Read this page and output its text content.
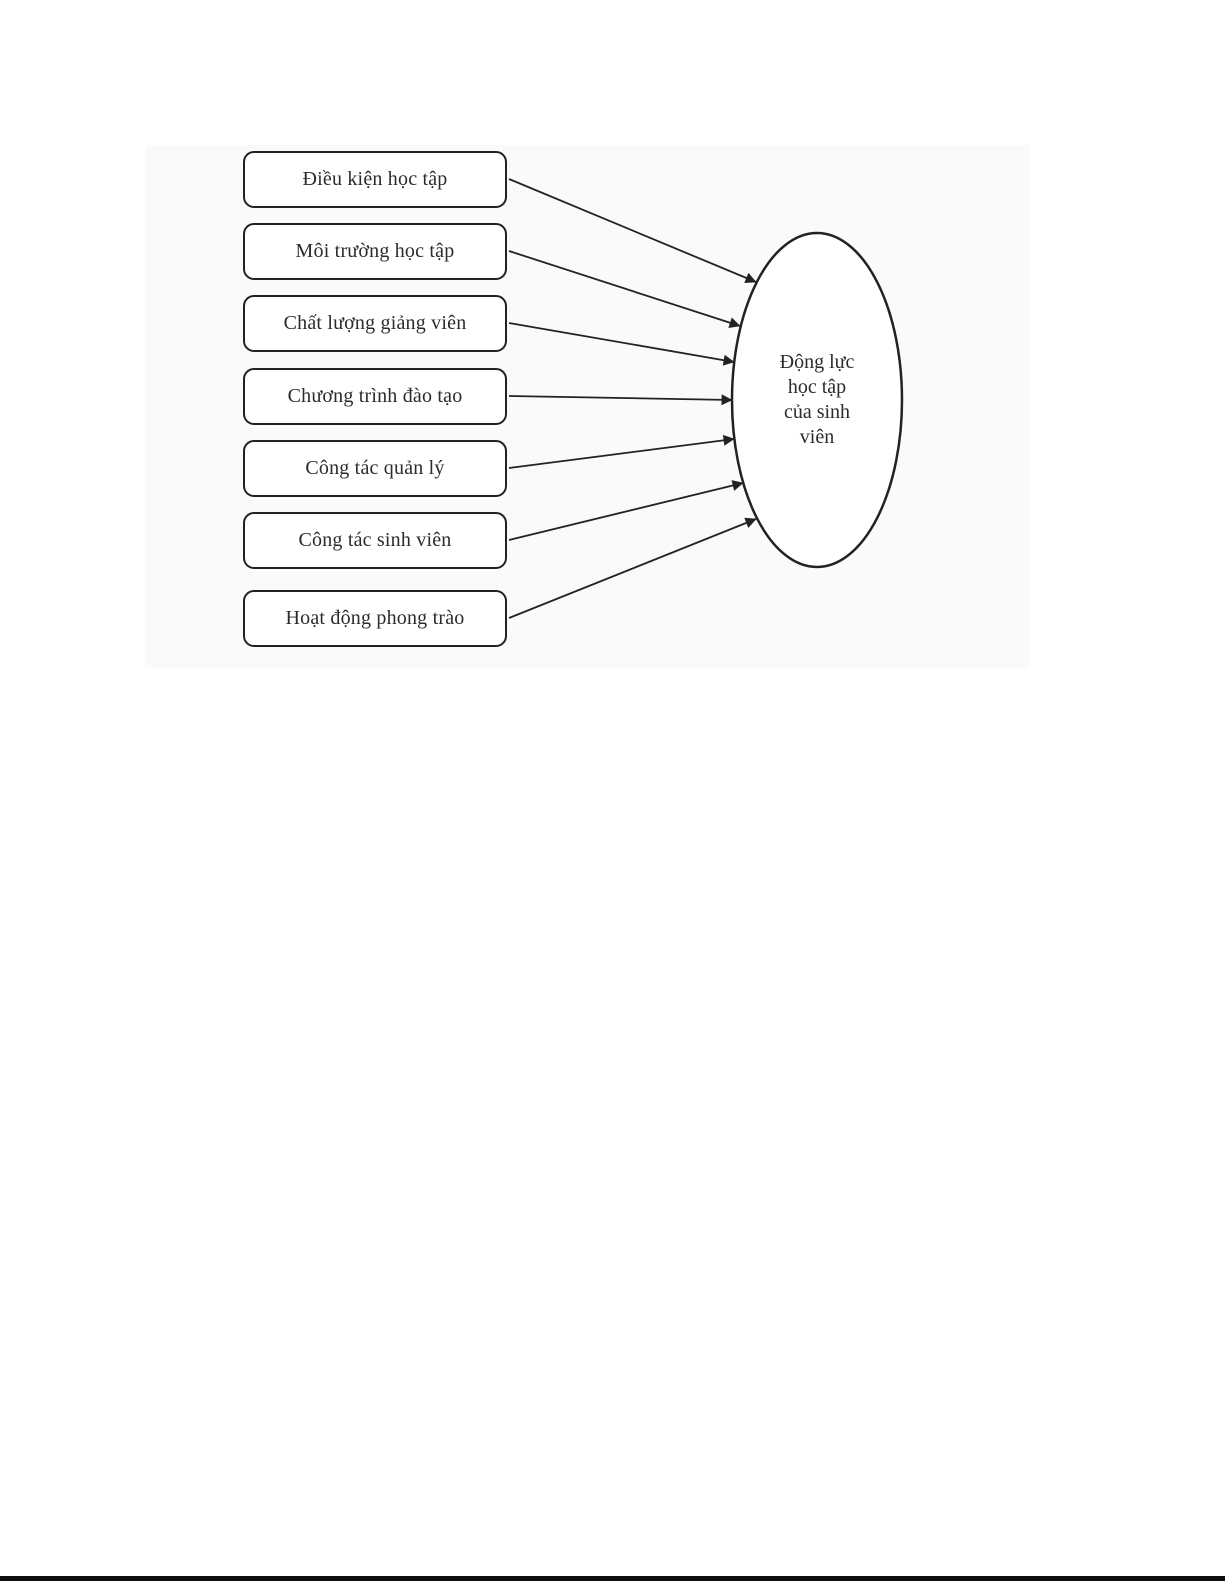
Điều kiện học tập
Môi trường học tập
Chất lượng giảng viên
Chương trình đào tạo
Công tác quản lý
Công tác sinh viên
Hoạt động phong trào
Động lực
học tập
của sinh
viên
